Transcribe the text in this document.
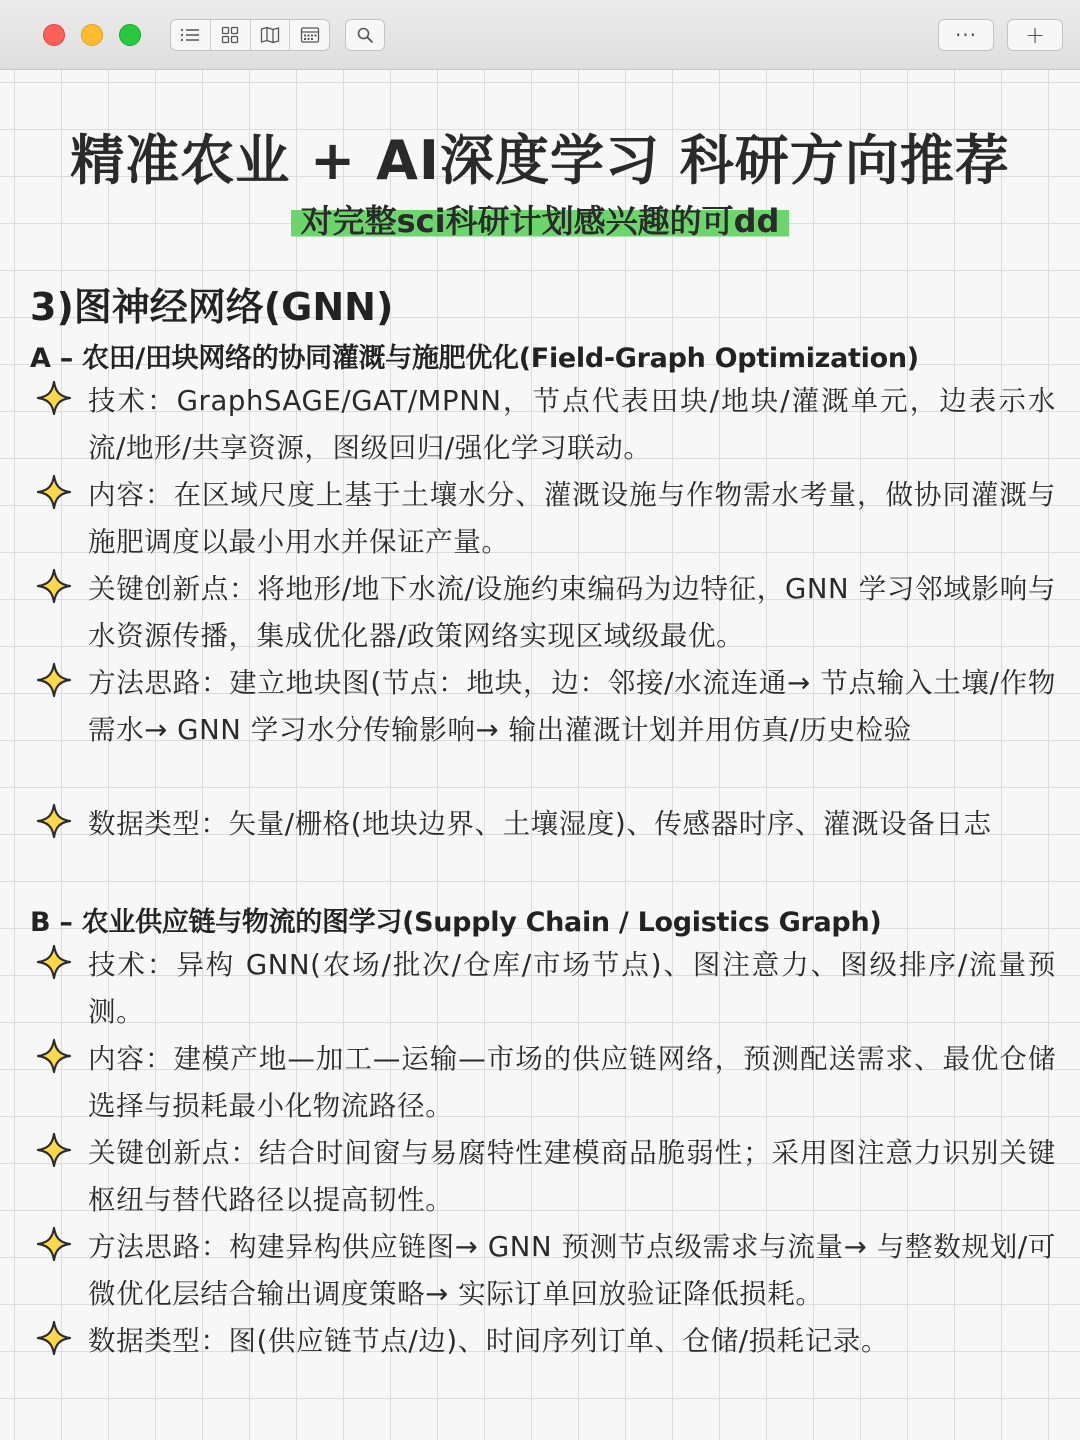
···	+
精准农业 + AI深度学习 科研方向推荐
对完整sci科研计划感兴趣的可dd
3)图神经网络(GNN)
A – 农田/田块网络的协同灌溉与施肥优化(Field-Graph Optimization)
技术：GraphSAGE/GAT/MPNN，节点代表田块/地块/灌溉单元，边表示水流/地形/共享资源，图级回归/强化学习联动。
内容：在区域尺度上基于土壤水分、灌溉设施与作物需水考量，做协同灌溉与施肥调度以最小用水并保证产量。
关键创新点：将地形/地下水流/设施约束编码为边特征，GNN 学习邻域影响与水资源传播，集成优化器/政策网络实现区域级最优。
方法思路：建立地块图(节点：地块，边：邻接/水流连通→ 节点输入土壤/作物需水→ GNN 学习水分传输影响→ 输出灌溉计划并用仿真/历史检验
数据类型：矢量/栅格(地块边界、土壤湿度)、传感器时序、灌溉设备日志
B – 农业供应链与物流的图学习(Supply Chain / Logistics Graph)
技术：异构 GNN(农场/批次/仓库/市场节点)、图注意力、图级排序/流量预测。
内容：建模产地—加工—运输—市场的供应链网络，预测配送需求、最优仓储选择与损耗最小化物流路径。
关键创新点：结合时间窗与易腐特性建模商品脆弱性；采用图注意力识别关键枢纽与替代路径以提高韧性。
方法思路：构建异构供应链图→ GNN 预测节点级需求与流量→ 与整数规划/可微优化层结合输出调度策略→ 实际订单回放验证降低损耗。
数据类型：图(供应链节点/边)、时间序列订单、仓储/损耗记录。
